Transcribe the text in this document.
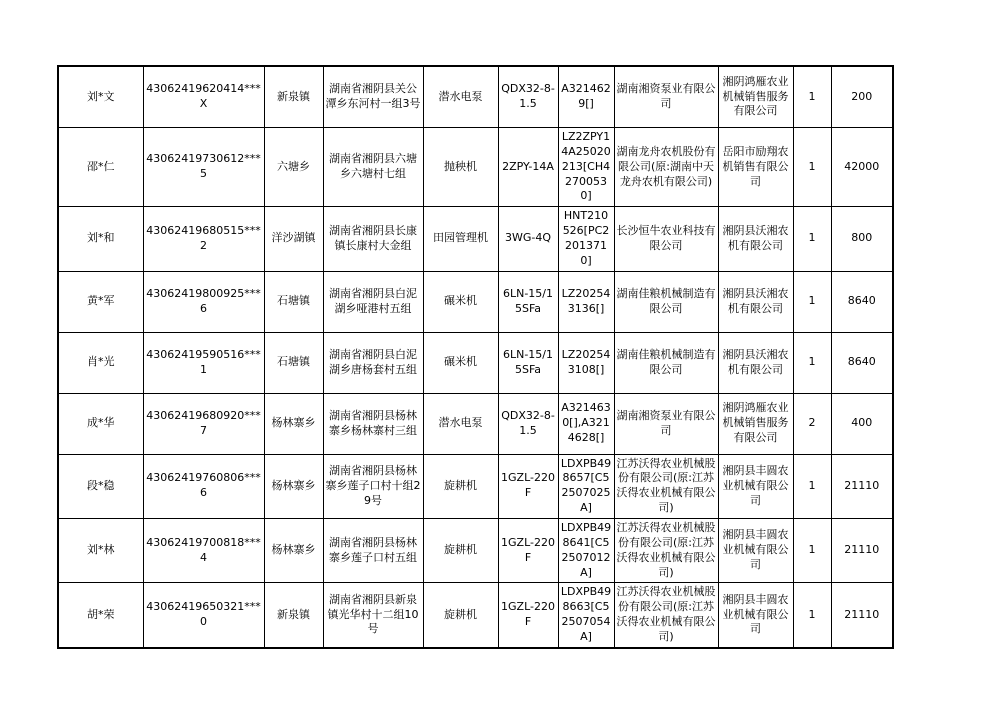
刘*文	43062419620414***X	新泉镇	湖南省湘阴县关公潭乡东河村一组3号	潜水电泵	QDX32-8-1.5	A3214629[]	湖南湘资泵业有限公司	湘阴鸿雁农业机械销售服务有限公司	1	200
邵*仁	43062419730612***5	六塘乡	湖南省湘阴县六塘乡六塘村七组	抛秧机	2ZPY-14A	LZ2ZPY14A25020213[CH42700530]	湖南龙舟农机股份有限公司(原:湖南中天龙舟农机有限公司)	岳阳市励翔农机销售有限公司	1	42000
刘*和	43062419680515***2	洋沙湖镇	湖南省湘阴县长康镇长康村大金组	田园管理机	3WG-4Q	HNT210526[PC22013710]	长沙恒牛农业科技有限公司	湘阴县沃湘农机有限公司	1	800
黄*军	43062419800925***6	石塘镇	湖南省湘阴县白泥湖乡哑港村五组	碾米机	6LN-15/15SFa	LZ202543136[]	湖南佳粮机械制造有限公司	湘阴县沃湘农机有限公司	1	8640
肖*光	43062419590516***1	石塘镇	湖南省湘阴县白泥湖乡唐杨套村五组	碾米机	6LN-15/15SFa	LZ202543108[]	湖南佳粮机械制造有限公司	湘阴县沃湘农机有限公司	1	8640
成*华	43062419680920***7	杨林寨乡	湖南省湘阴县杨林寨乡杨林寨村三组	潜水电泵	QDX32-8-1.5	A3214630[],A3214628[]	湖南湘资泵业有限公司	湘阴鸿雁农业机械销售服务有限公司	2	400
段*稳	43062419760806***6	杨林寨乡	湖南省湘阴县杨林寨乡莲子口村十组29号	旋耕机	1GZL-220F	LDXPB498657[C52507025A]	江苏沃得农业机械股份有限公司(原:江苏沃得农业机械有限公司)	湘阴县丰圆农业机械有限公司	1	21110
刘*林	43062419700818***4	杨林寨乡	湖南省湘阴县杨林寨乡莲子口村五组	旋耕机	1GZL-220F	LDXPB498641[C52507012A]	江苏沃得农业机械股份有限公司(原:江苏沃得农业机械有限公司)	湘阴县丰圆农业机械有限公司	1	21110
胡*荣	43062419650321***0	新泉镇	湖南省湘阴县新泉镇光华村十二组10号	旋耕机	1GZL-220F	LDXPB498663[C52507054A]	江苏沃得农业机械股份有限公司(原:江苏沃得农业机械有限公司)	湘阴县丰圆农业机械有限公司	1	21110
